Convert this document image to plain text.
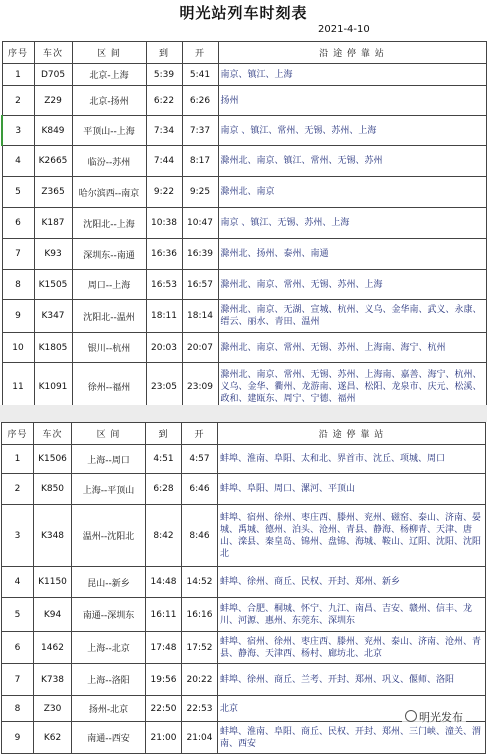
明光站列车时刻表
2021-4-10
序号	车次	区 间	到	开	沿 途 停 靠 站
1	D705	北京-上海	5:39	5:41	南京、镇江、上海
2	Z29	北京-扬州	6:22	6:26	扬州
3	K849	平顶山--上海	7:34	7:37	南京 、镇江、常州、无锡、苏州、上海
4	K2665	临汾--苏州	7:44	8:17	滁州北、南京、镇江、常州、无锡、苏州
5	Z365	哈尔滨西--南京	9:22	9:25	滁州北、南京
6	K187	沈阳北--上海	10:38	10:47	南京 、镇江、无锡、苏州、上海
7	K93	深圳东--南通	16:36	16:39	滁州北、扬州、泰州、南通
8	K1505	周口--上海	16:53	16:57	滁州北、南京、常州、无锡、苏州、上海
9	K347	沈阳北--温州	18:11	18:14	滁州北、南京、无湖、宣城、杭州、义乌、金华南、武义、永康、缙云、丽水、青田、温州
10	K1805	银川--杭州	20:03	20:07	滁州北、南京、常州、无锡、苏州、上海南、海宁、杭州
11	K1091	徐州--福州	23:05	23:09	滁州北、南京、常州、无锡、苏州、上海南、嘉善、海宁、杭州、义乌、金华、衢州、龙游南、遂昌、松阳、龙泉市、庆元、松溪、政和、建瓯东、周宁、宁德、福州
序号	车次	区 间	到	开	沿 途 停 靠 站
1	K1506	上海--周口	4:51	4:57	蚌埠、淮南、阜阳、太和北、界首市、沈丘、项城、周口
2	K850	上海--平顶山	6:28	6:46	蚌埠、阜阳、周口、漯河、平顶山
3	K348	温州--沈阳北	8:42	8:46	蚌埠、宿州、徐州、枣庄西、滕州、兖州、磁窑、泰山、济南、晏城、禹城、德州、泊头、沧州、青县、静海、杨柳青、天津、唐山、滦县、秦皇岛、锦州、盘锦、海城、鞍山、辽阳、沈阳、沈阳北
4	K1150	昆山--新乡	14:48	14:52	蚌埠、徐州、商丘、民权、开封、郑州、新乡
5	K94	南通--深圳东	16:11	16:16	蚌埠、合肥、桐城、怀宁、九江、南昌、吉安、赣州、信丰、龙川、河源、惠州、东莞东、深圳东
6	1462	上海--北京	17:48	17:52	蚌埠、宿州、徐州、枣庄西、滕州、兖州、泰山、济南、沧州、青县、静海、天津西、杨村、廊坊北、北京
7	K738	上海--洛阳	19:56	20:22	蚌埠、徐州、商丘、兰考、开封、郑州、巩义、偃师、洛阳
8	Z30	扬州-北京	22:50	22:53	北京
9	K62	南通--西安	21:00	21:04	蚌埠、淮南、阜阳、商丘、民权、开封、郑州、三门峡、潼关、渭南、西安
明光发布
